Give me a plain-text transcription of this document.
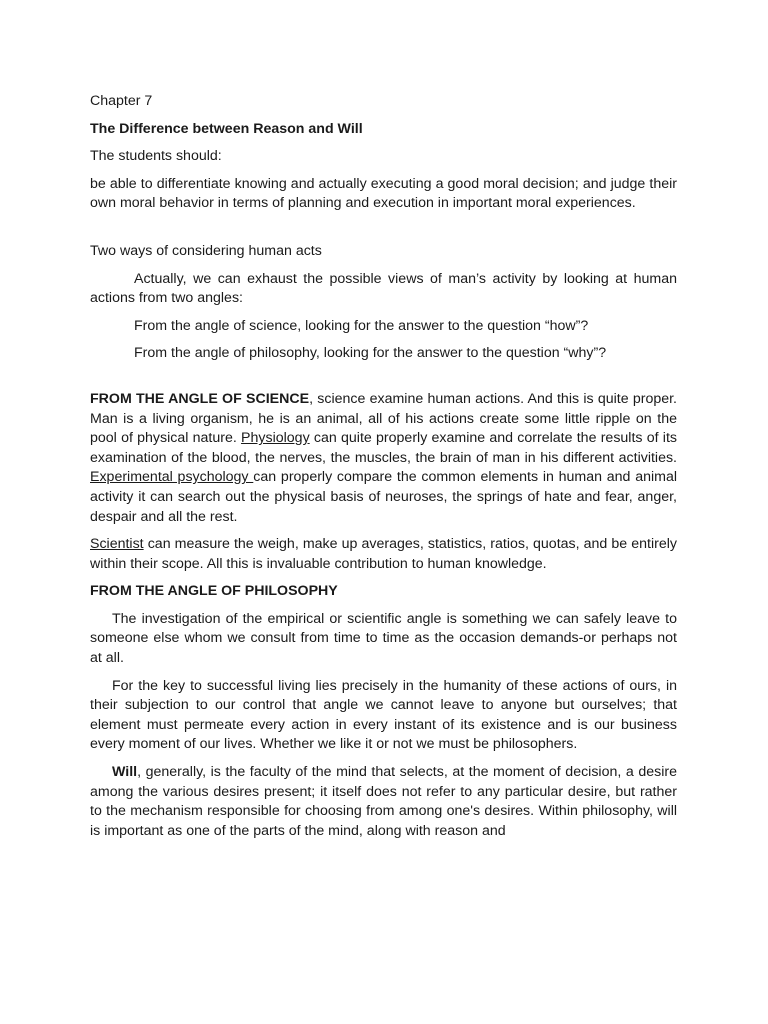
Chapter 7

The Difference between Reason and Will

The students should:

be able to differentiate knowing and actually executing a good moral decision; and judge their own moral behavior in terms of planning and execution in important moral experiences.

Two ways of considering human acts

Actually, we can exhaust the possible views of man’s activity by looking at human actions from two angles:

From the angle of science, looking for the answer to the question “how”?

From the angle of philosophy, looking for the answer to the question “why”?

FROM THE ANGLE OF SCIENCE, science examine human actions. And this is quite proper. Man is a living organism, he is an animal, all of his actions create some little ripple on the pool of physical nature. Physiology can quite properly examine and correlate the results of its examination of the blood, the nerves, the muscles, the brain of man in his different activities. Experimental psychology can properly compare the common elements in human and animal activity it can search out the physical basis of neuroses, the springs of hate and fear, anger, despair and all the rest.

Scientist can measure the weigh, make up averages, statistics, ratios, quotas, and be entirely within their scope. All this is invaluable contribution to human knowledge.

FROM THE ANGLE OF PHILOSOPHY

The investigation of the empirical or scientific angle is something we can safely leave to someone else whom we consult from time to time as the occasion demands-or perhaps not at all.

For the key to successful living lies precisely in the humanity of these actions of ours, in their subjection to our control that angle we cannot leave to anyone but ourselves; that element must permeate every action in every instant of its existence and is our business every moment of our lives. Whether we like it or not we must be philosophers.

Will, generally, is the faculty of the mind that selects, at the moment of decision, a desire among the various desires present; it itself does not refer to any particular desire, but rather to the mechanism responsible for choosing from among one's desires. Within philosophy, will is important as one of the parts of the mind, along with reason and
